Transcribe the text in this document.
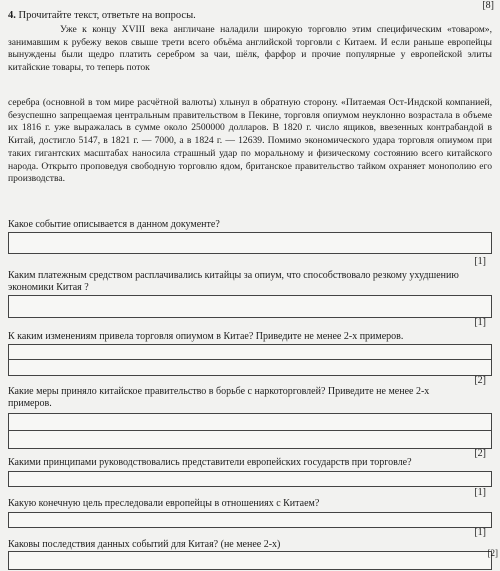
[8]
4. Прочитайте текст, ответьте на вопросы.

Уже к концу XVIII века англичане наладили широкую торговлю этим специфическим «товаром», занимавшим к рубежу веков свыше трети всего объёма английской торговли с Китаем. И если раньше европейцы вынуждены были щедро платить серебром за чаи, шёлк, фарфор и прочие популярные у европейской элиты китайские товары, то теперь поток

серебра (основной в том мире расчётной валюты) хлынул в обратную сторону. «Питаемая Ост-Индской компанией, безуспешно запрещаемая центральным правительством в Пекине, торговля опиумом неуклонно возрастала в объеме их 1816 г. уже выражалась в сумме около 2500000 долларов. В 1820 г. число ящиков, ввезенных контрабандой в Китай, достигло 5147, в 1821 г. — 7000, а в 1824 г. — 12639. Помимо экономического удара торговля опиумом при таких гигантских масштабах наносила страшный удар по моральному и физическому состоянию всего китайского народа. Открыто проповедуя свободную торговлю ядом, британское правительство тайком охраняет монополию его производства.

Какое событие описывается в данном документе?
[1]
Каким платежным средством расплачивались китайцы за опиум, что способствовало резкому ухудшению экономики Китая ?
[1]
К каким изменениям привела торговля опиумом в Китае? Приведите не менее 2-х примеров.
[2]
Какие меры приняло китайское правительство в борьбе с наркоторговлей? Приведите не менее 2-х примеров.
[2]
Какими принципами руководствовались представители европейских государств при торговле?
[1]
Какую конечную цель преследовали европейцы в отношениях с Китаем?
[1]
Каковы последствия данных событий для Китая? (не менее 2-х)
[2]
